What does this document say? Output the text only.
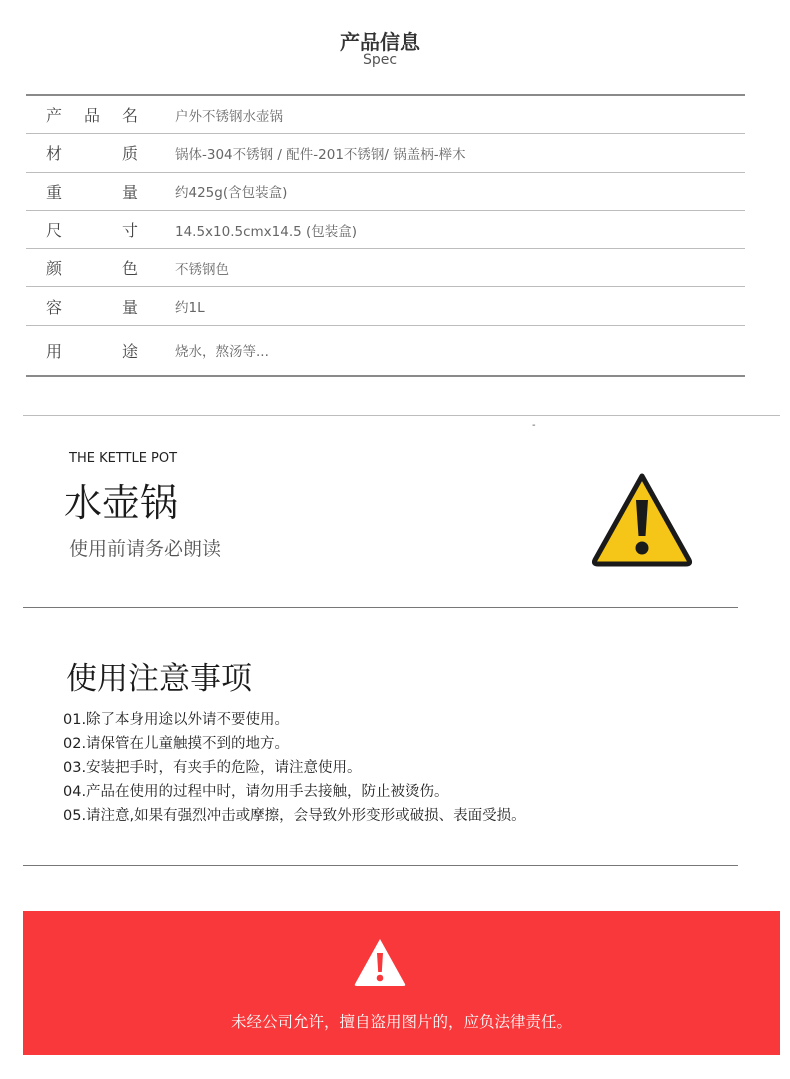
产品信息
Spec
产 品 名	户外不锈钢水壶锅
材	质	锅体-304不锈钢 / 配件-201不锈钢/ 锅盖柄-榉木
重	量	约425g(含包装盒)
尺	寸	14.5x10.5cmx14.5 (包装盒)
颜	色	不锈钢色
容	量	约1L
用	途	烧水，熬汤等...
-
THE KETTLE POT
水壶锅
使用前请务必朗读
使用注意事项
01.除了本身用途以外请不要使用。
02.请保管在儿童触摸不到的地方。
03.安装把手时，有夹手的危险，请注意使用。
04.产品在使用的过程中时，请勿用手去接触，防止被烫伤。
05.请注意,如果有强烈冲击或摩擦，会导致外形变形或破损、表面受损。
未经公司允许，擅自盗用图片的，应负法律责任。
